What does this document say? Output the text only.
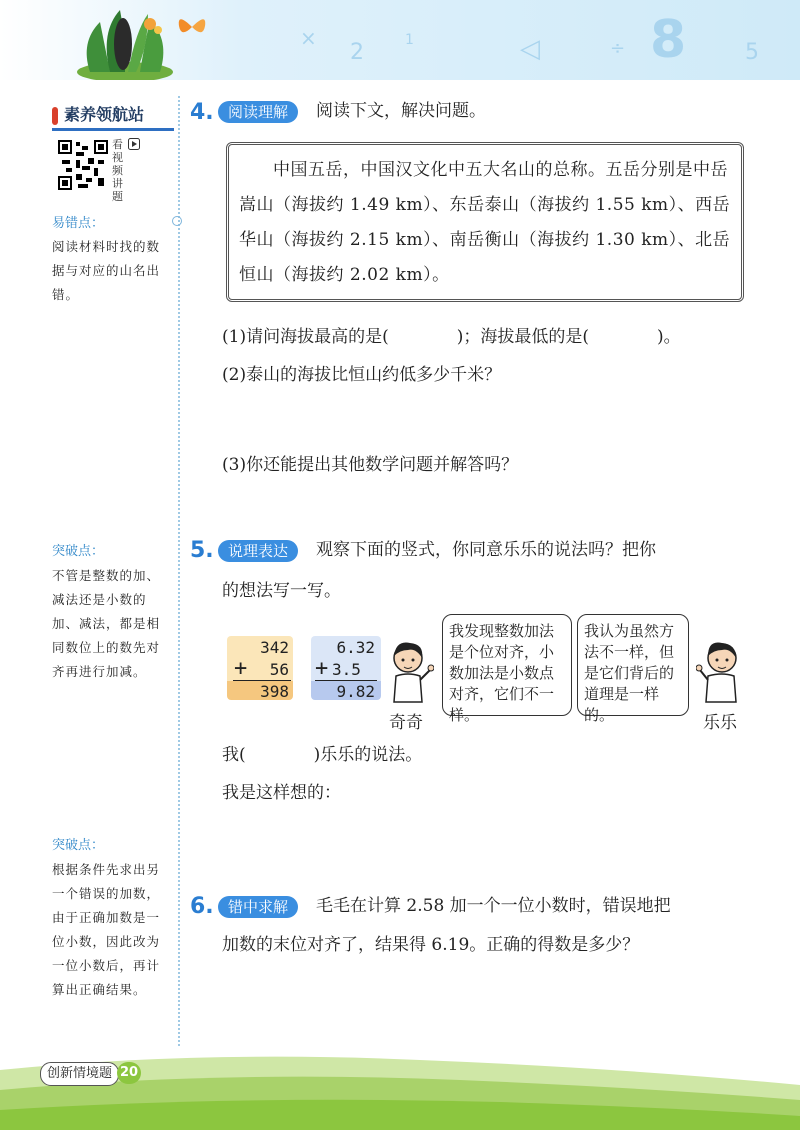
×
2	1	◁	÷ 8	5
素养领航站
看视频讲题
易错点：
阅读材料时找的数据与对应的山名出错。
突破点：
不管是整数的加、减法还是小数的加、减法，都是相同数位上的数先对齐再进行加减。
突破点：
根据条件先求出另一个错误的加数，由于正确加数是一位小数，因此改为一位小数后，再计算出正确结果。
4. 阅读理解	阅读下文，解决问题。
中国五岳，中国汉文化中五大名山的总称。五岳分别是中岳嵩山（海拔约 1.49 km）、东岳泰山（海拔约 1.55 km）、西岳华山（海拔约 2.15 km）、南岳衡山（海拔约 1.30 km）、北岳恒山（海拔约 2.02 km）。
(1)请问海拔最高的是(　　　　)；海拔最低的是(　　　　)。
(2)泰山的海拔比恒山约低多少千米？
(3)你还能提出其他数学问题并解答吗？
5. 说理表达	观察下面的竖式，你同意乐乐的说法吗？把你
的想法写一写。
342
+	56
398
6.32
+ 3.5
9.82
奇奇
我发现整数加法是个位对齐，小数加法是小数点对齐，它们不一样。
我认为虽然方法不一样，但是它们背后的道理是一样的。	乐乐
我(　　　　)乐乐的说法。
我是这样想的：
6. 错中求解	毛毛在计算 2.58 加一个一位小数时，错误地把
加数的末位对齐了，结果得 6.19。正确的得数是多少？
创新情境题 20
